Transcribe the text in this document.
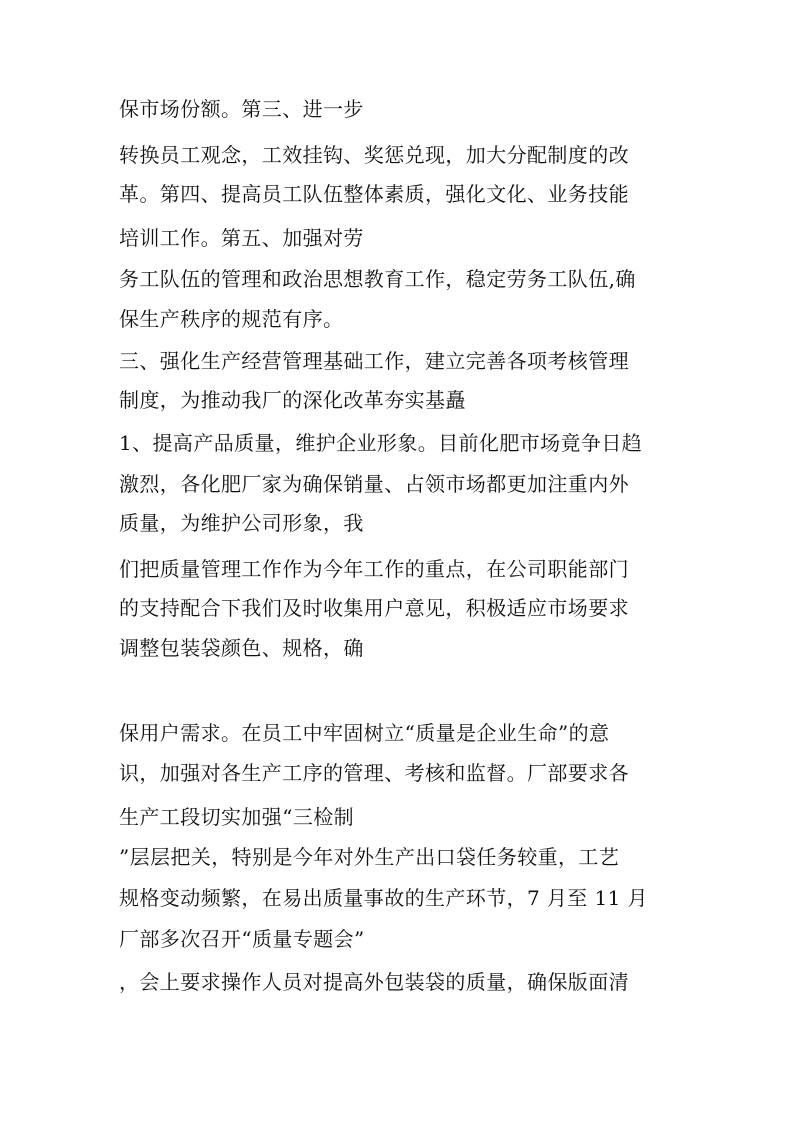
保市场份额。第三、进一步
转换员工观念，工效挂钩、奖惩兑现，加大分配制度的改
革。第四、提高员工队伍整体素质，强化文化、业务技能
培训工作。第五、加强对劳
务工队伍的管理和政治思想教育工作，稳定劳务工队伍,确
保生产秩序的规范有序。
三、强化生产经营管理基础工作，建立完善各项考核管理
制度，为推动我厂的深化改革夯实基矗
1、提高产品质量，维护企业形象。目前化肥市场竟争日趋
激烈，各化肥厂家为确保销量、占领市场都更加注重内外
质量，为维护公司形象，我
们把质量管理工作作为今年工作的重点，在公司职能部门
的支持配合下我们及时收集用户意见，积极适应市场要求
调整包装袋颜色、规格，确
保用户需求。在员工中牢固树立“质量是企业生命”的意
识，加强对各生产工序的管理、考核和监督。厂部要求各
生产工段切实加强“三检制
”层层把关，特别是今年对外生产出口袋任务较重，工艺
规格变动频繁，在易出质量事故的生产环节，7 月至 11 月
厂部多次召开“质量专题会”
，会上要求操作人员对提高外包装袋的质量，确保版面清
